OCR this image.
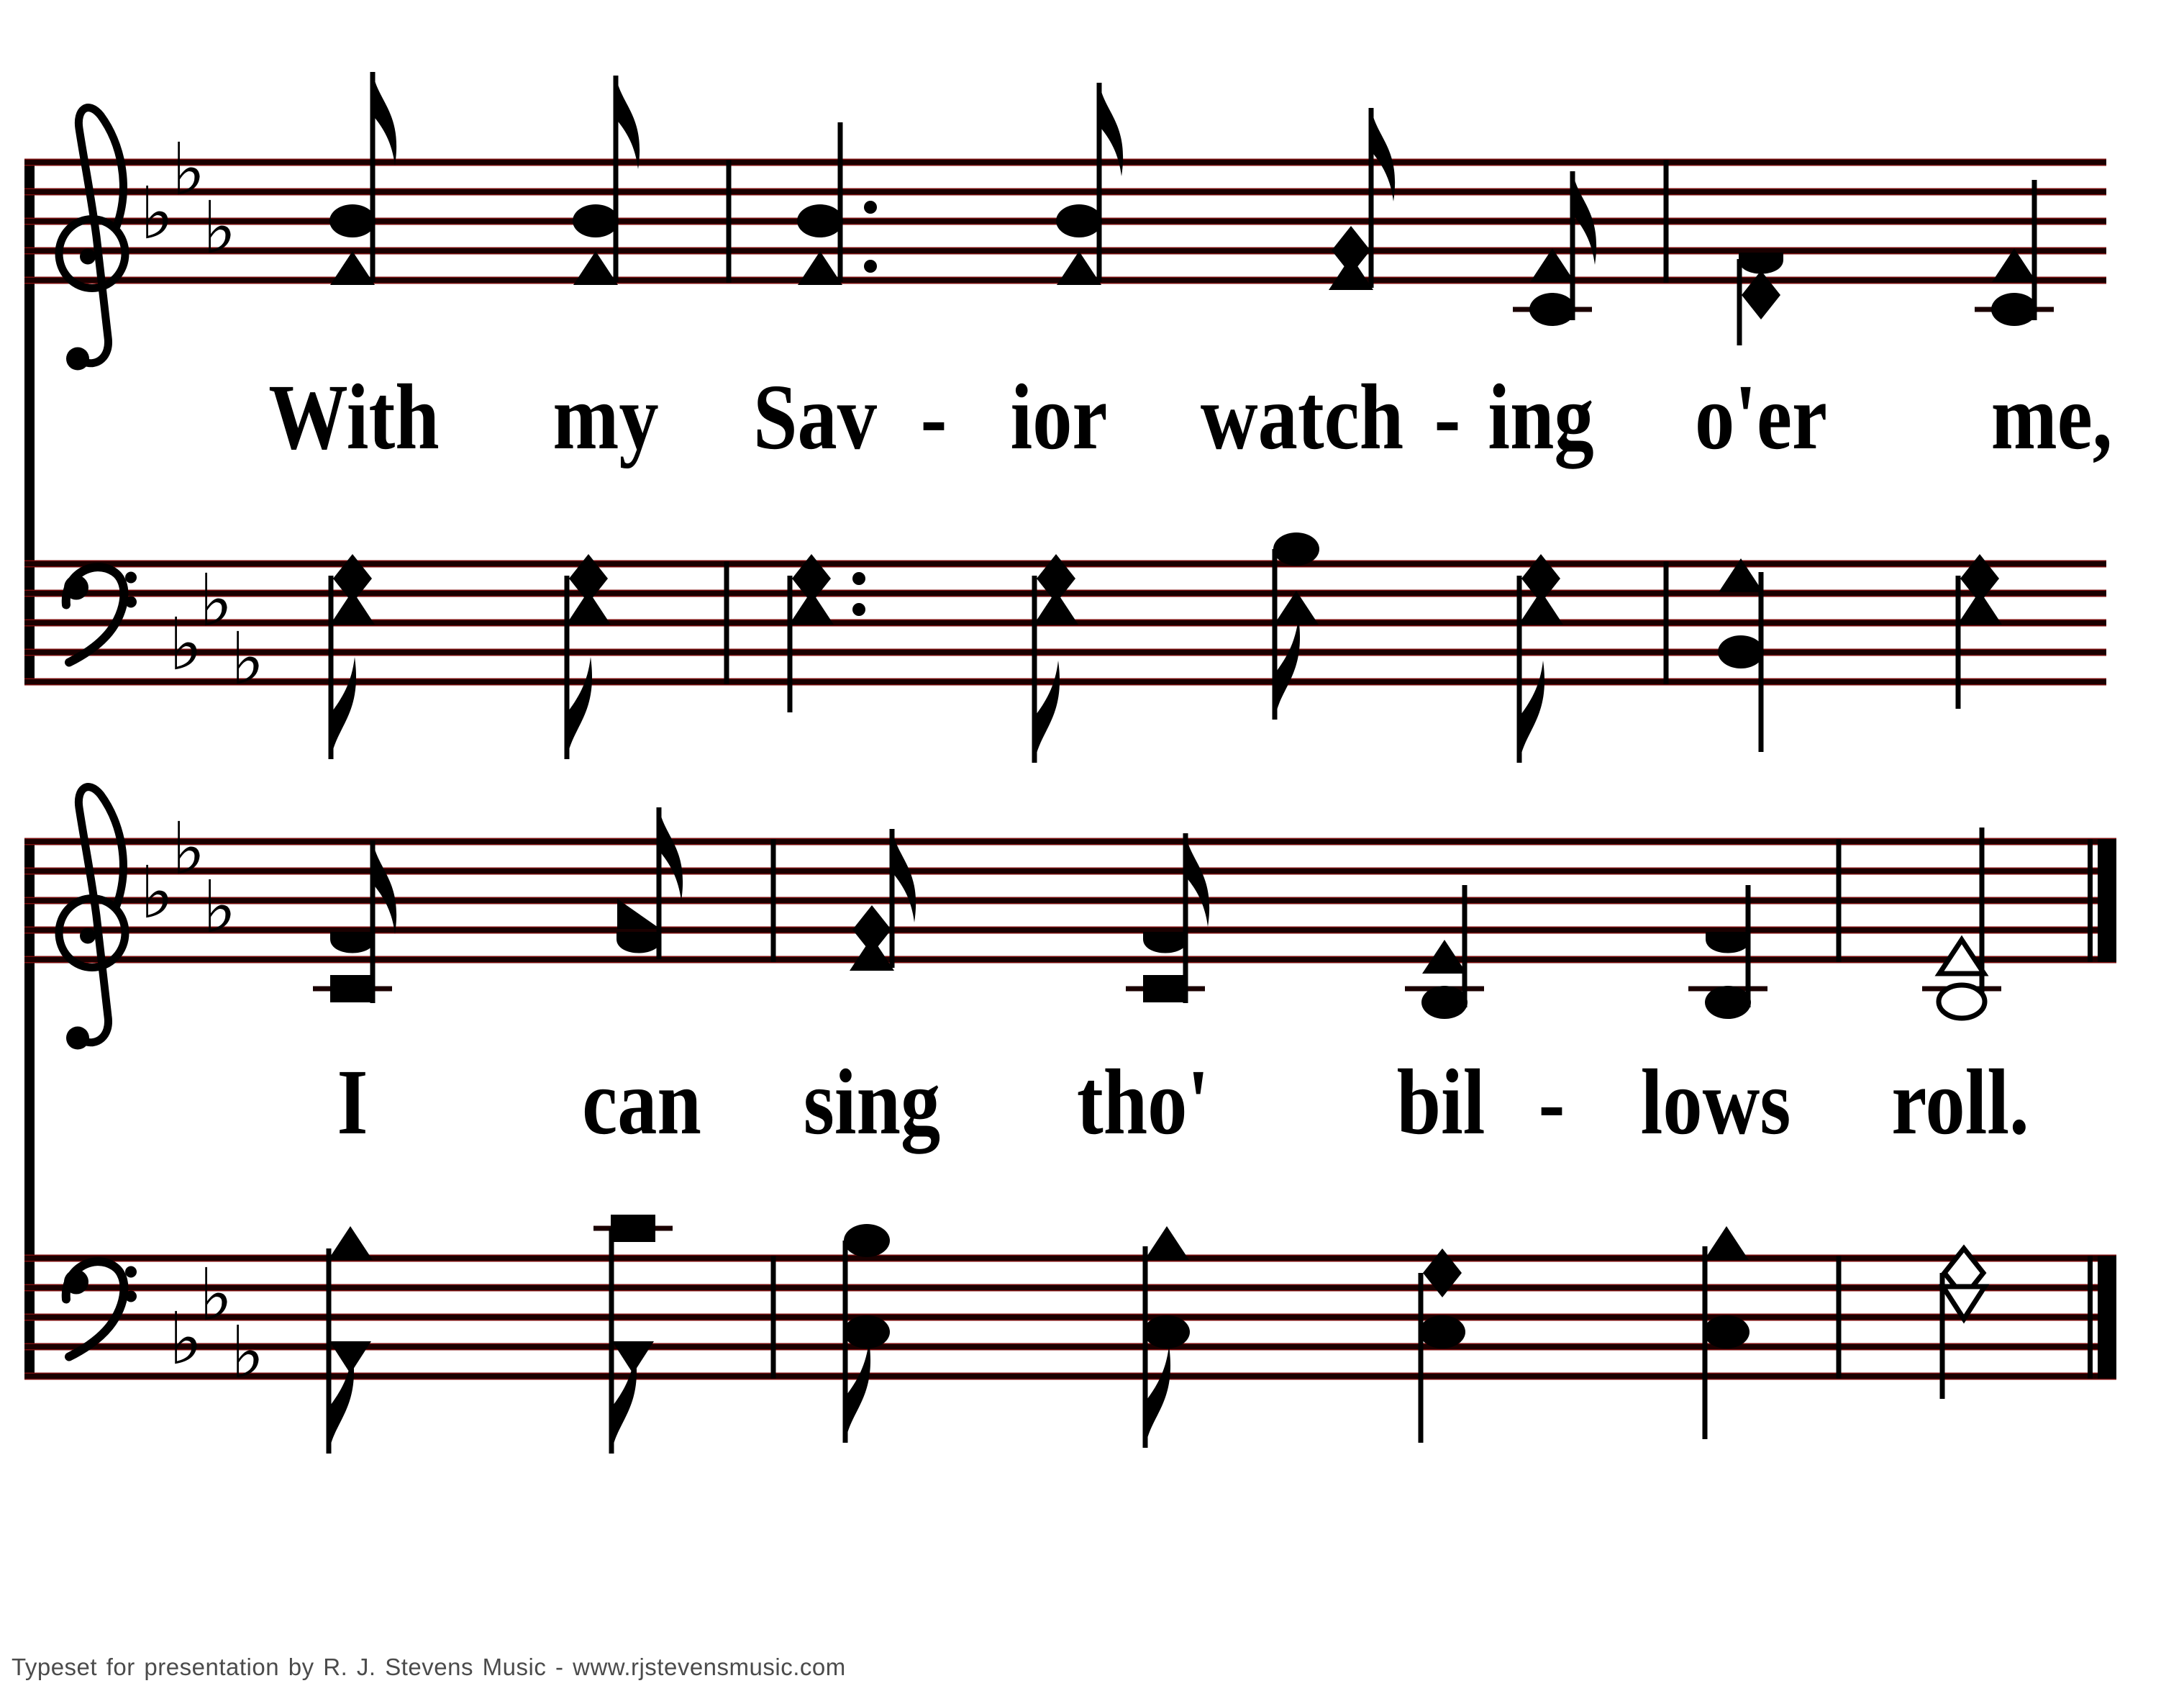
♭
♭
♭
♭
♭
♭
♭
♭
♭
♭
♭
♭
With my Sav - ior watch - ing o'er me,
I can sing tho' bil - lows roll.
Typeset for presentation by R. J. Stevens Music - www.rjstevensmusic.com
